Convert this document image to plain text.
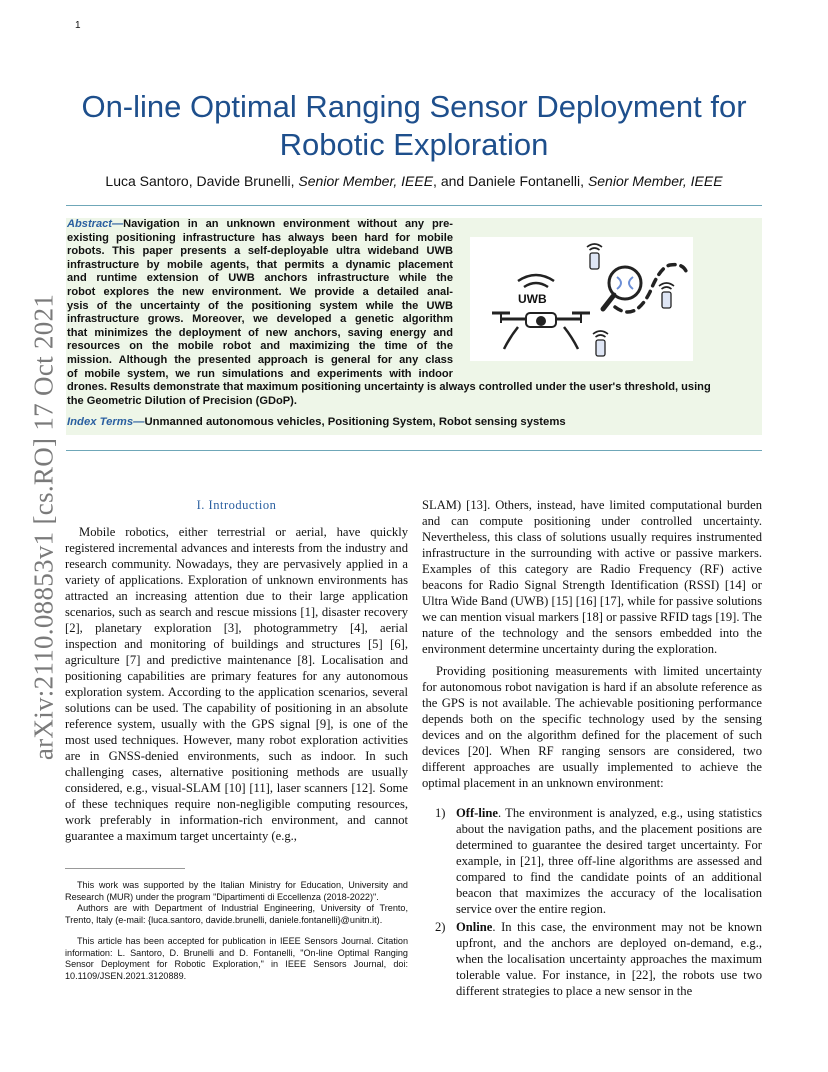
1
arXiv:2110.08853v1 [cs.RO] 17 Oct 2021
On-line Optimal Ranging Sensor Deployment for Robotic Exploration
Luca Santoro, Davide Brunelli, Senior Member, IEEE, and Daniele Fontanelli, Senior Member, IEEE
Abstract—Navigation in an unknown environment without any pre-
existing positioning infrastructure has always been hard for mobile
robots. This paper presents a self-deployable ultra wideband UWB
infrastructure by mobile agents, that permits a dynamic placement
and runtime extension of UWB anchors infrastructure while the
robot explores the new environment. We provide a detailed anal-
ysis of the uncertainty of the positioning system while the UWB
infrastructure grows. Moreover, we developed a genetic algorithm
that minimizes the deployment of new anchors, saving energy and
resources on the mobile robot and maximizing the time of the
mission. Although the presented approach is general for any class
of mobile system, we run simulations and experiments with indoor
drones. Results demonstrate that maximum positioning uncertainty is always controlled under the user's threshold, using
the Geometric Dilution of Precision (GDoP).
UWB
Index Terms—Unmanned autonomous vehicles, Positioning System, Robot sensing systems
I. Introduction

Mobile robotics, either terrestrial or aerial, have quickly registered incremental advances and interests from the industry and research community. Nowadays, they are pervasively applied in a variety of applications. Exploration of unknown environments has attracted an increasing attention due to their large application scenarios, such as search and rescue missions [1], disaster recovery [2], planetary exploration [3], photogrammetry [4], aerial inspection and monitoring of buildings and structures [5] [6], agriculture [7] and predictive maintenance [8]. Localisation and positioning capabilities are primary features for any autonomous exploration system. According to the application scenarios, several solutions can be used. The capability of positioning in an absolute reference system, usually with the GPS signal [9], is one of the most used techniques. However, many robot exploration activities are in GNSS-denied environments, such as indoor. In such challenging cases, alternative positioning methods are usually considered, e.g., visual-SLAM [10] [11], laser scanners [12]. Some of these techniques require non-negligible computing resources, work preferably in information-rich environment, and cannot guarantee a maximum target uncertainty (e.g.,

This work was supported by the Italian Ministry for Education, University and Research (MUR) under the program "Dipartimenti di Eccellenza (2018-2022)".

Authors are with Department of Industrial Engineering, University of Trento, Trento, Italy (e-mail: {luca.santoro, davide.brunelli, daniele.fontanelli}@unitn.it).

This article has been accepted for publication in IEEE Sensors Journal. Citation information: L. Santoro, D. Brunelli and D. Fontanelli, "On-line Optimal Ranging Sensor Deployment for Robotic Exploration," in IEEE Sensors Journal, doi: 10.1109/JSEN.2021.3120889.

SLAM) [13]. Others, instead, have limited computational burden and can compute positioning under controlled uncertainty. Nevertheless, this class of solutions usually requires instrumented infrastructure in the surrounding with active or passive markers. Examples of this category are Radio Frequency (RF) active beacons for Radio Signal Strength Identification (RSSI) [14] or Ultra Wide Band (UWB) [15] [16] [17], while for passive solutions we can mention visual markers [18] or passive RFID tags [19]. The nature of the technology and the sensors embedded into the environment determine uncertainty during the exploration.

Providing positioning measurements with limited uncertainty for autonomous robot navigation is hard if an absolute reference as the GPS is not available. The achievable positioning performance depends both on the specific technology used by the sensing devices and on the algorithm defined for the placement of such devices [20]. When RF ranging sensors are considered, two different approaches are usually implemented to achieve the optimal placement in an unknown environment:

1) Off-line. The environment is analyzed, e.g., using statistics about the navigation paths, and the placement positions are determined to guarantee the desired target uncertainty. For example, in [21], three off-line algorithms are assessed and compared to find the candidate points of an additional beacon that maximizes the accuracy of the localisation service over the entire region.
2) Online. In this case, the environment may not be known upfront, and the anchors are deployed on-demand, e.g., when the localisation uncertainty approaches the maximum tolerable value. For instance, in [22], the robots use two different strategies to place a new sensor in the
